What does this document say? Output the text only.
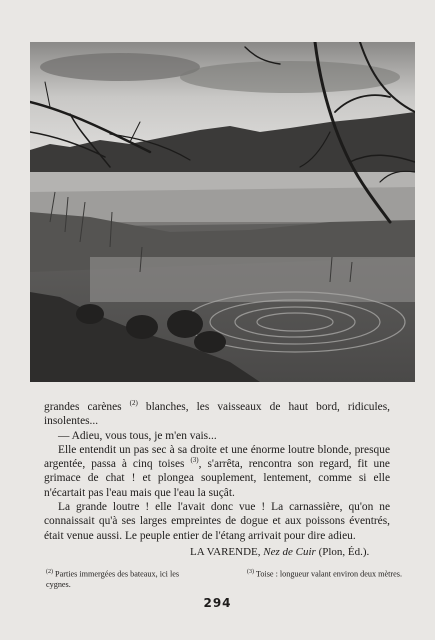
grandes carènes $^{(2)}$ blanches, les vaisseaux de haut bord, ridicules, insolentes...

— Adieu, vous tous, je m'en vais...

Elle entendit un pas sec à sa droite et une énorme loutre blonde, presque argentée, passa à cinq toises $^{(3)}$, s'arrêta, rencontra son regard, fit une grimace de chat ! et plongea souplement, lentement, comme si elle n'écartait pas l'eau mais que l'eau la suçât.

La grande loutre ! elle l'avait donc vue ! La carnassière, qu'on ne connaissait qu'à ses larges empreintes de dogue et aux poissons éventrés, était venue aussi. Le peuple entier de l'étang arrivait pour dire adieu.

LA VARENDE, Nez de Cuir (Plon, Éd.).
$^{(2)}$ Parties immergées des bateaux, ici les cygnes.
$^{(3)}$ Toise : longueur valant environ deux mètres.
294
